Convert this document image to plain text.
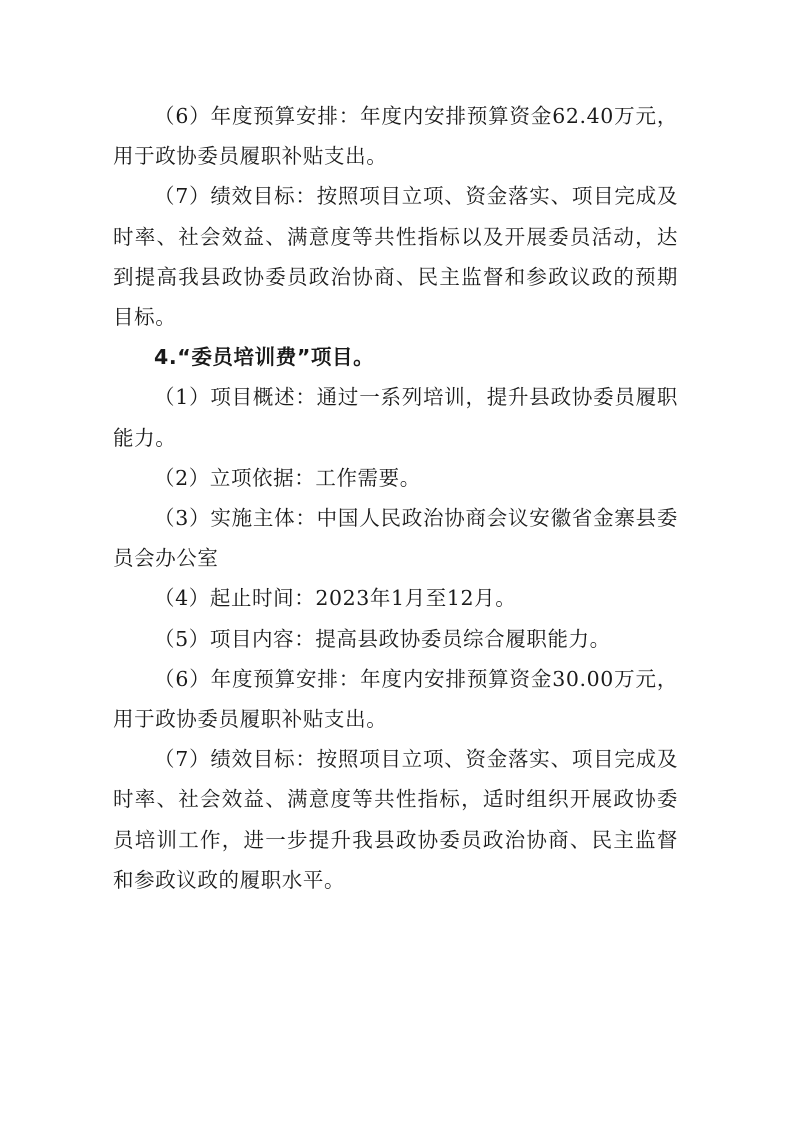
（6）年度预算安排：年度内安排预算资金62.40万元，用于政协委员履职补贴支出。

（7）绩效目标：按照项目立项、资金落实、项目完成及时率、社会效益、满意度等共性指标以及开展委员活动，达到提高我县政协委员政治协商、民主监督和参政议政的预期目标。

4.“委员培训费”项目。

（1）项目概述：通过一系列培训，提升县政协委员履职能力。

（2）立项依据：工作需要。

（3）实施主体：中国人民政治协商会议安徽省金寨县委员会办公室

（4）起止时间：2023年1月至12月。

（5）项目内容：提高县政协委员综合履职能力。

（6）年度预算安排：年度内安排预算资金30.00万元，用于政协委员履职补贴支出。

（7）绩效目标：按照项目立项、资金落实、项目完成及时率、社会效益、满意度等共性指标，适时组织开展政协委员培训工作，进一步提升我县政协委员政治协商、民主监督和参政议政的履职水平。
